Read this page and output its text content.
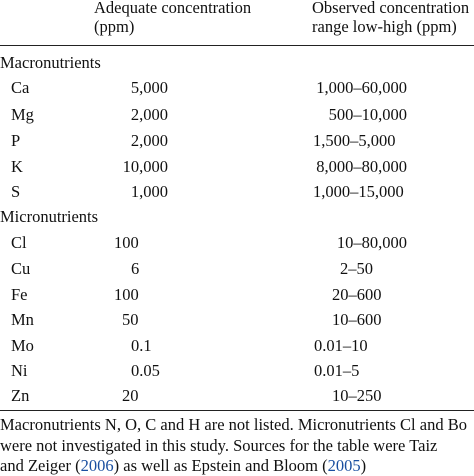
Adequate concentration
(ppm)
Observed concentration
range low-high (ppm)
Macronutrients
Ca	5,000	1,000–60,000
Mg	2,000	500–10,000
P	2,000	1,500–5,000
K	10,000	8,000–80,000
S	1,000	1,000–15,000
Micronutrients
Cl	100	10–80,000
Cu	6	2–50
Fe	100	20–600
Mn	50	10–600
Mo	0.1	0.01–10
Ni	0.05	0.01–5
Zn	20	10–250
Macronutrients N, O, C and H are not listed. Micronutrients Cl and Bo
were not investigated in this study. Sources for the table were Taiz
and Zeiger (2006) as well as Epstein and Bloom (2005)
